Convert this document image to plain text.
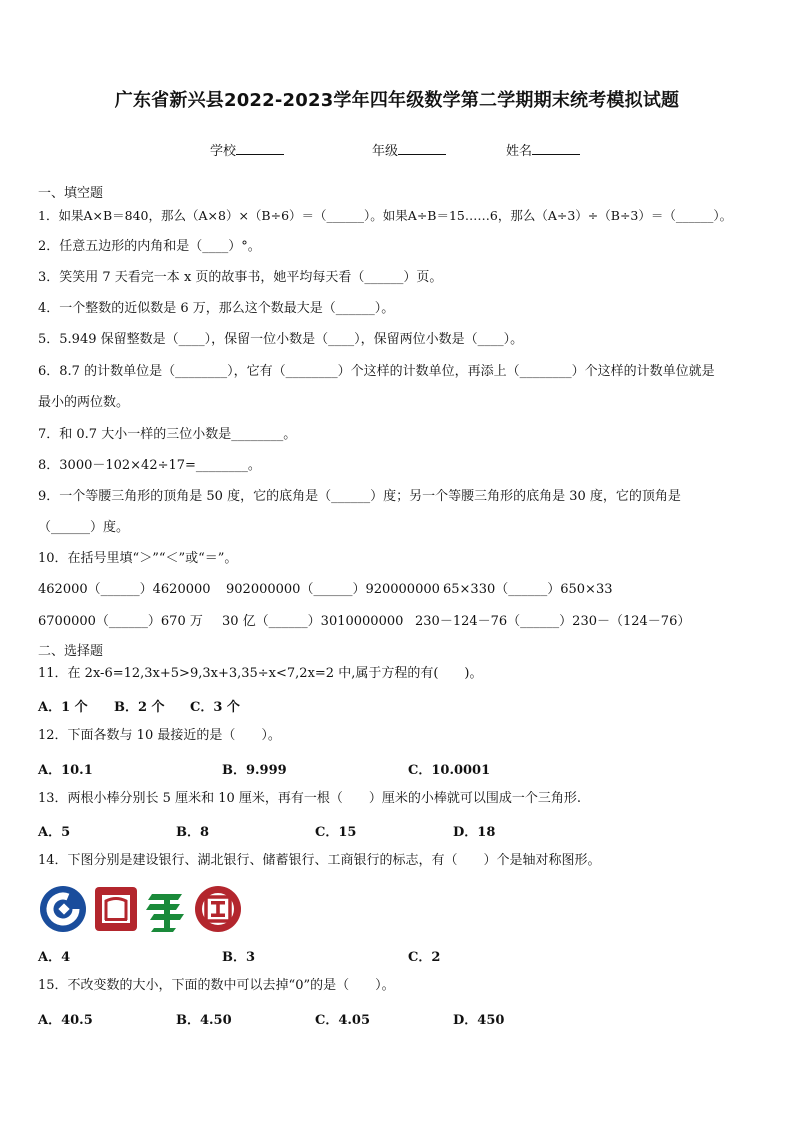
广东省新兴县2022-2023学年四年级数学第二学期期末统考模拟试题
学校	年级	姓名
一、填空题
1．如果A×B＝840，那么（A×8）×（B÷6）＝（______）。如果A÷B＝15……6，那么（A÷3）÷（B÷3）＝（______）。
2．任意五边形的内角和是（____）°。
3．笑笑用 7 天看完一本 x 页的故事书，她平均每天看（______）页。
4．一个整数的近似数是 6 万，那么这个数最大是（______）。
5．5.949 保留整数是（____），保留一位小数是（____），保留两位小数是（____）。
6．8.7 的计数单位是（________），它有（________）个这样的计数单位，再添上（________）个这样的计数单位就是
最小的两位数。
7．和 0.7 大小一样的三位小数是________。
8．3000－102×42÷17=________。
9．一个等腰三角形的顶角是 50 度，它的底角是（______）度；另一个等腰三角形的底角是 30 度，它的顶角是
（______）度。
10．在括号里填“＞”“＜”或“＝”。
462000（______）4620000 902000000（______）920000000 65×330（______）650×33
6700000（______）670 万 30 亿（______）3010000000 230－124－76（______）230－（124－76）
二、选择题
11．在 2x-6=12,3x+5>9,3x+3,35÷x<7,2x=2 中,属于方程的有(　　)。
A．1 个 B．2 个 C．3 个
12．下面各数与 10 最接近的是（　　）。
A．10.1	B．9.999	C．10.0001
13．两根小棒分别长 5 厘米和 10 厘米，再有一根（　　）厘米的小棒就可以围成一个三角形.
A．5	B．8	C．15	D．18
14．下图分别是建设银行、湖北银行、储蓄银行、工商银行的标志，有（　　）个是轴对称图形。
A．4	B．3	C．2
15．不改变数的大小，下面的数中可以去掉“0”的是（　　）。
A．40.5	B．4.50	C．4.05	D．450
